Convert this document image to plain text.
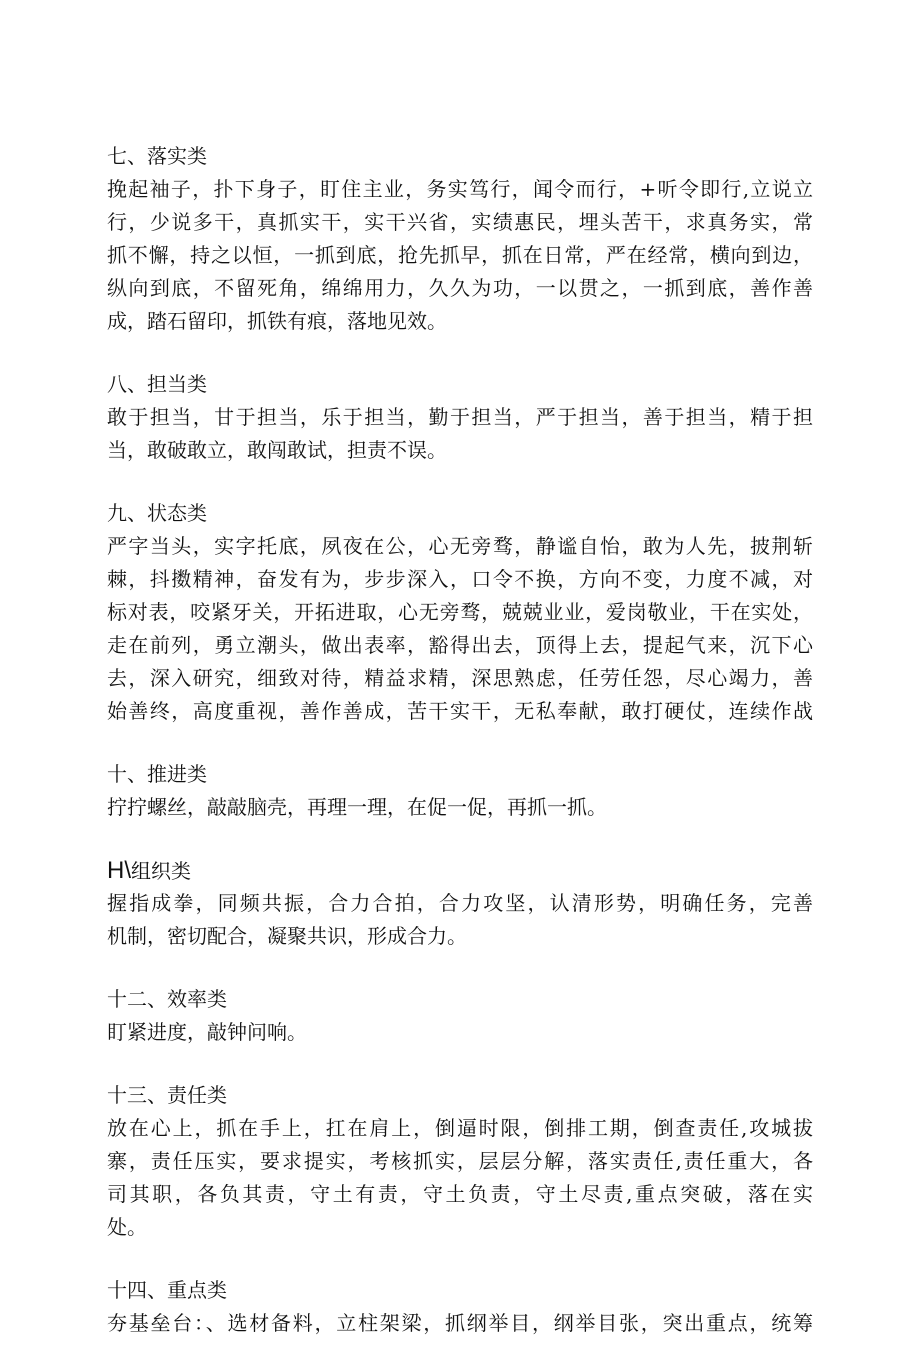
七、落实类
挽起袖子，扑下身子，盯住主业，务实笃行，闻令而行，+听令即行,立说立
行，少说多干，真抓实干，实干兴省，实绩惠民，埋头苦干，求真务实，常
抓不懈，持之以恒，一抓到底，抢先抓早，抓在日常，严在经常，横向到边，
纵向到底，不留死角，绵绵用力，久久为功，一以贯之，一抓到底，善作善
成，踏石留印，抓铁有痕，落地见效。
八、担当类
敢于担当，甘于担当，乐于担当，勤于担当，严于担当，善于担当，精于担
当，敢破敢立，敢闯敢试，担责不误。
九、状态类
严字当头，实字托底，夙夜在公，心无旁骛，静谧自怡，敢为人先，披荆斩
棘，抖擞精神，奋发有为，步步深入，口令不换，方向不变，力度不减，对
标对表，咬紧牙关，开拓进取，心无旁骛，兢兢业业，爱岗敬业，干在实处，
走在前列，勇立潮头，做出表率，豁得出去，顶得上去，提起气来，沉下心
去，深入研究，细致对待，精益求精，深思熟虑，任劳任怨，尽心竭力，善
始善终，高度重视，善作善成，苦干实干，无私奉献，敢打硬仗，连续作战
十、推进类
拧拧螺丝，敲敲脑壳，再理一理，在促一促，再抓一抓。
H\组织类
握指成拳，同频共振，合力合拍，合力攻坚，认清形势，明确任务，完善
机制，密切配合，凝聚共识，形成合力。
十二、效率类
盯紧进度，敲钟问响。
十三、责任类
放在心上，抓在手上，扛在肩上，倒逼时限，倒排工期，倒查责任,攻城拔
寨，责任压实，要求提实，考核抓实，层层分解，落实责任,责任重大，各
司其职，各负其责，守土有责，守土负责，守土尽责,重点突破，落在实
处。
十四、重点类
夯基垒台：、选材备料，立柱架梁，抓纲举目，纲举目张，突出重点，统筹
